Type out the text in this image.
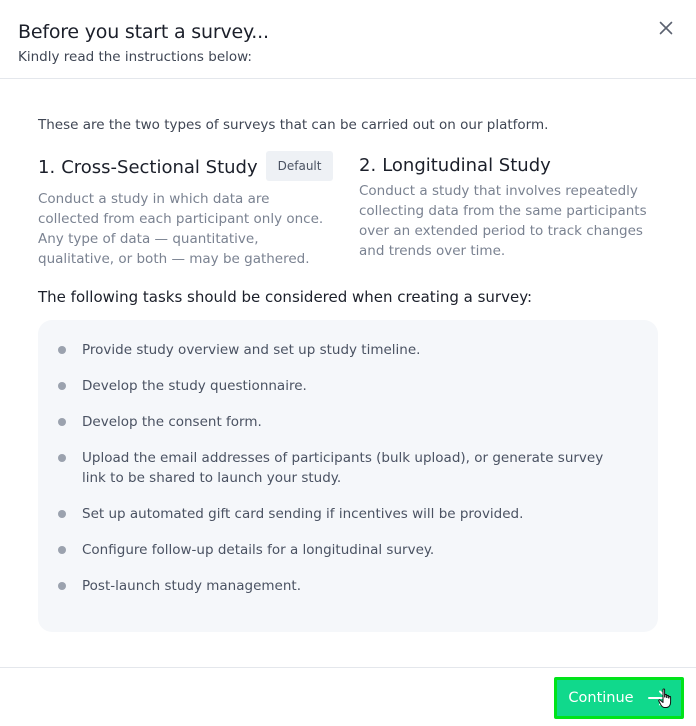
Before you start a survey...
Kindly read the instructions below:
These are the two types of surveys that can be carried out on our platform.
1. Cross-Sectional Study	Default
Conduct a study in which data are collected from each participant only once. Any type of data — quantitative, qualitative, or both — may be gathered.
2. Longitudinal Study
Conduct a study that involves repeatedly collecting data from the same participants over an extended period to track changes and trends over time.
The following tasks should be considered when creating a survey:
Provide study overview and set up study timeline.
Develop the study questionnaire.
Develop the consent form.
Upload the email addresses of participants (bulk upload), or generate survey link to be shared to launch your study.
Set up automated gift card sending if incentives will be provided.
Configure follow-up details for a longitudinal survey.
Post-launch study management.
Continue
